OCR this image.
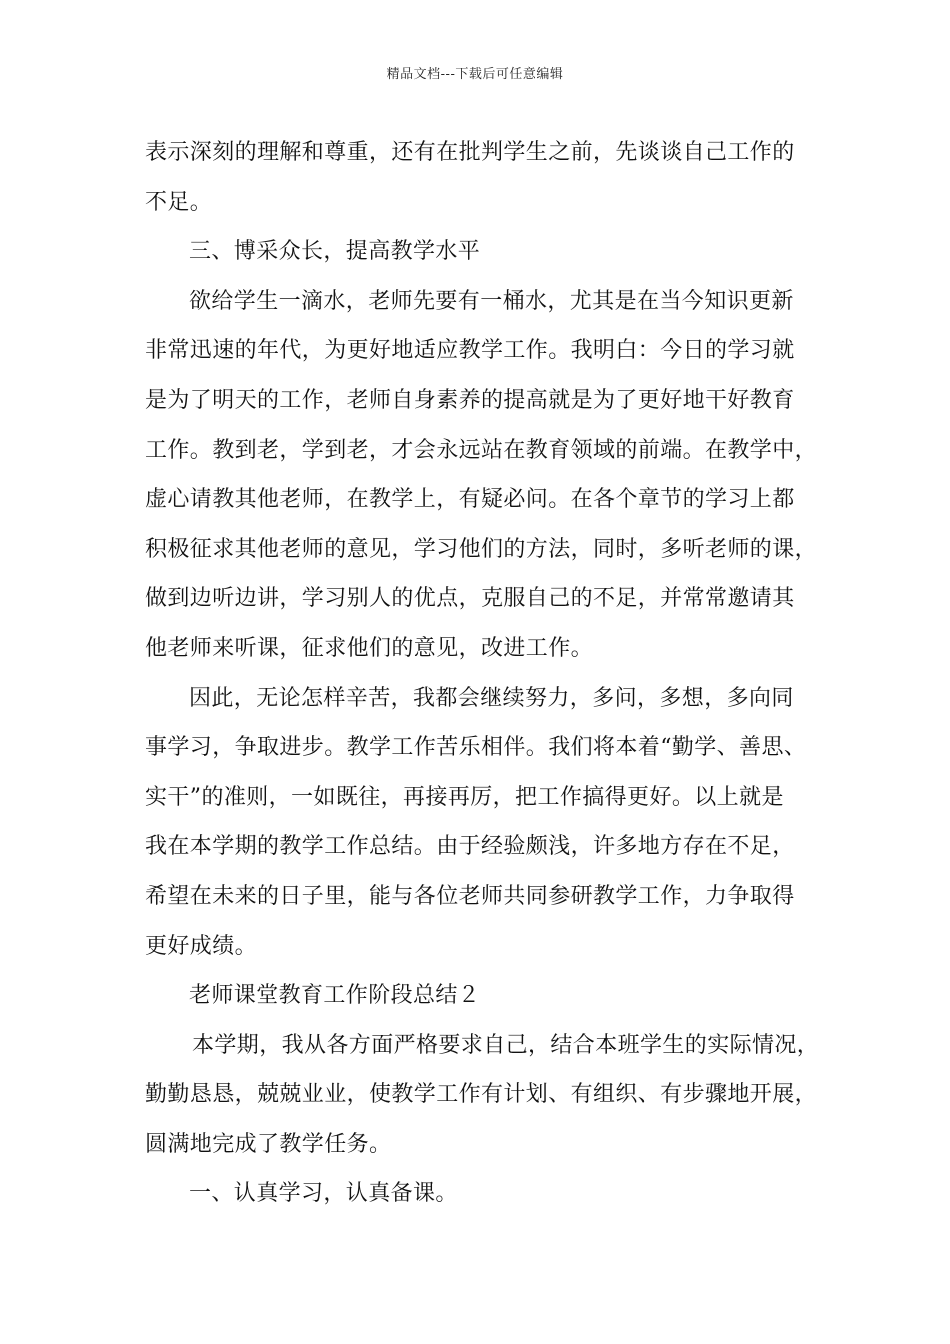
精品文档---下载后可任意编辑
表示深刻的理解和尊重，还有在批判学生之前，先谈谈自己工作的
不足。
三、博采众长，提高教学水平
欲给学生一滴水，老师先要有一桶水，尤其是在当今知识更新
非常迅速的年代，为更好地适应教学工作。我明白：今日的学习就
是为了明天的工作，老师自身素养的提高就是为了更好地干好教育
工作。教到老，学到老，才会永远站在教育领域的前端。在教学中，
虚心请教其他老师，在教学上，有疑必问。在各个章节的学习上都
积极征求其他老师的意见，学习他们的方法，同时，多听老师的课，
做到边听边讲，学习别人的优点，克服自己的不足，并常常邀请其
他老师来听课，征求他们的意见，改进工作。
因此，无论怎样辛苦，我都会继续努力，多问，多想，多向同
事学习，争取进步。教学工作苦乐相伴。我们将本着“勤学、善思、
实干”的准则，一如既往，再接再厉，把工作搞得更好。以上就是
我在本学期的教学工作总结。由于经验颇浅，许多地方存在不足，
希望在未来的日子里，能与各位老师共同参研教学工作，力争取得
更好成绩。
老师课堂教育工作阶段总结２
本学期，我从各方面严格要求自己，结合本班学生的实际情况，
勤勤恳恳，兢兢业业，使教学工作有计划、有组织、有步骤地开展，
圆满地完成了教学任务。
一、认真学习，认真备课。
